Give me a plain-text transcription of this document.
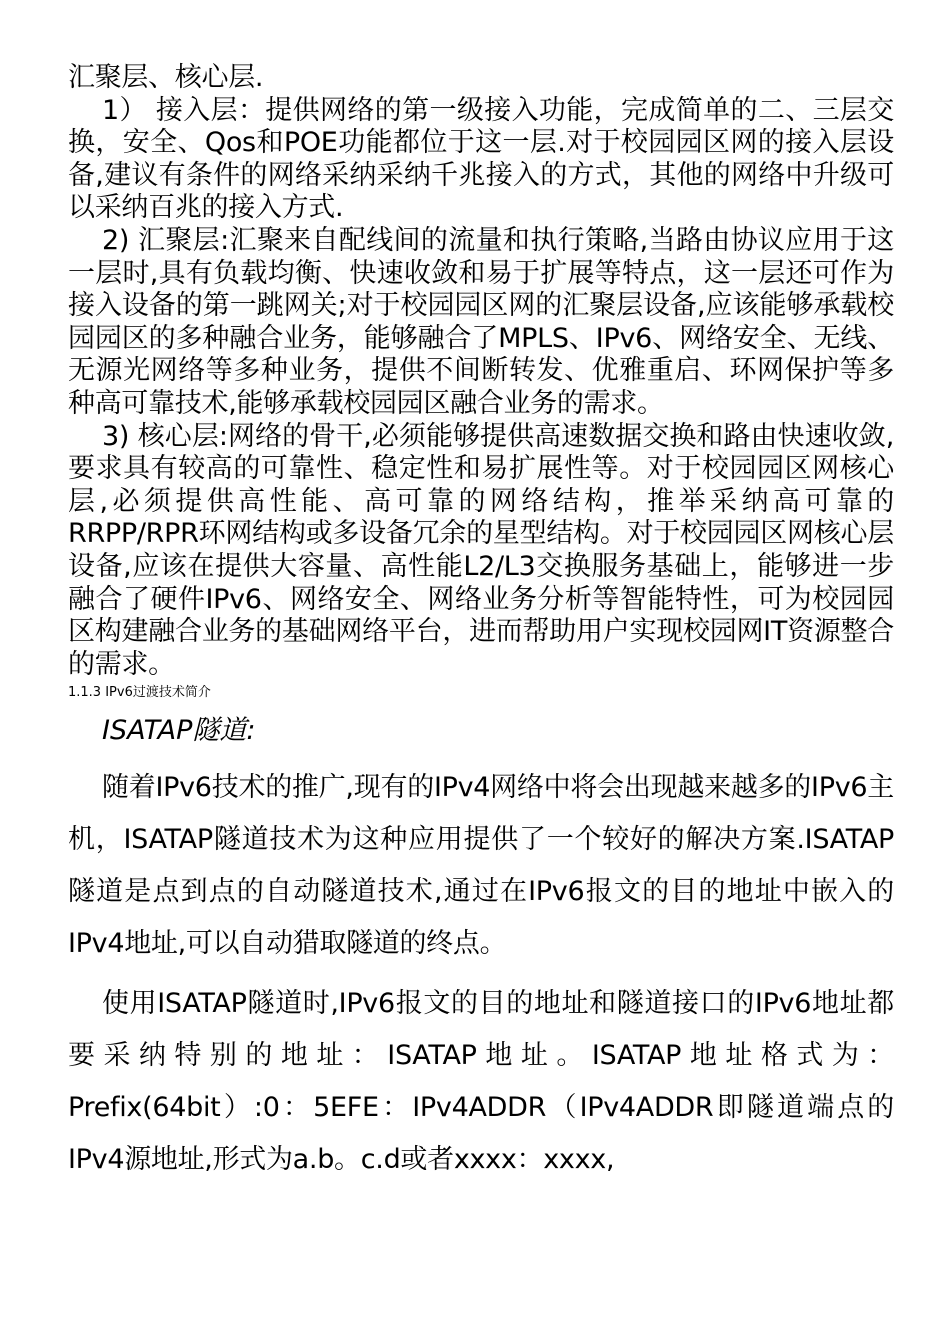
汇聚层、核心层.

1） 接入层：提供网络的第一级接入功能，完成简单的二、三层交换，安全、Qos和POE功能都位于这一层.对于校园园区网的接入层设备,建议有条件的网络采纳采纳千兆接入的方式，其他的网络中升级可以采纳百兆的接入方式.

2) 汇聚层:汇聚来自配线间的流量和执行策略,当路由协议应用于这一层时,具有负载均衡、快速收敛和易于扩展等特点，这一层还可作为接入设备的第一跳网关;对于校园园区网的汇聚层设备,应该能够承载校园园区的多种融合业务，能够融合了MPLS、IPv6、网络安全、无线、无源光网络等多种业务，提供不间断转发、优雅重启、环网保护等多种高可靠技术,能够承载校园园区融合业务的需求。

3) 核心层:网络的骨干,必须能够提供高速数据交换和路由快速收敛,要求具有较高的可靠性、稳定性和易扩展性等。对于校园园区网核心层,必须提供高性能、高可靠的网络结构，推举采纳高可靠的RRPP/RPR环网结构或多设备冗余的星型结构。对于校园园区网核心层设备,应该在提供大容量、高性能L2/L3交换服务基础上，能够进一步融合了硬件IPv6、网络安全、网络业务分析等智能特性，可为校园园区构建融合业务的基础网络平台，进而帮助用户实现校园网IT资源整合的需求。

1.1.3 IPv6过渡技术简介
ISATAP隧道:

随着IPv6技术的推广,现有的IPv4网络中将会出现越来越多的IPv6主机，ISATAP隧道技术为这种应用提供了一个较好的解决方案.ISATAP隧道是点到点的自动隧道技术,通过在IPv6报文的目的地址中嵌入的IPv4地址,可以自动猎取隧道的终点。

使用ISATAP隧道时,IPv6报文的目的地址和隧道接口的IPv6地址都要采纳特别的地址：ISATAP地址。ISATAP地址格式为：Prefix(64bit）:0：5EFE：IPv4ADDR（IPv4ADDR即隧道端点的IPv4源地址,形式为a.b。c.d或者xxxx：xxxx,
